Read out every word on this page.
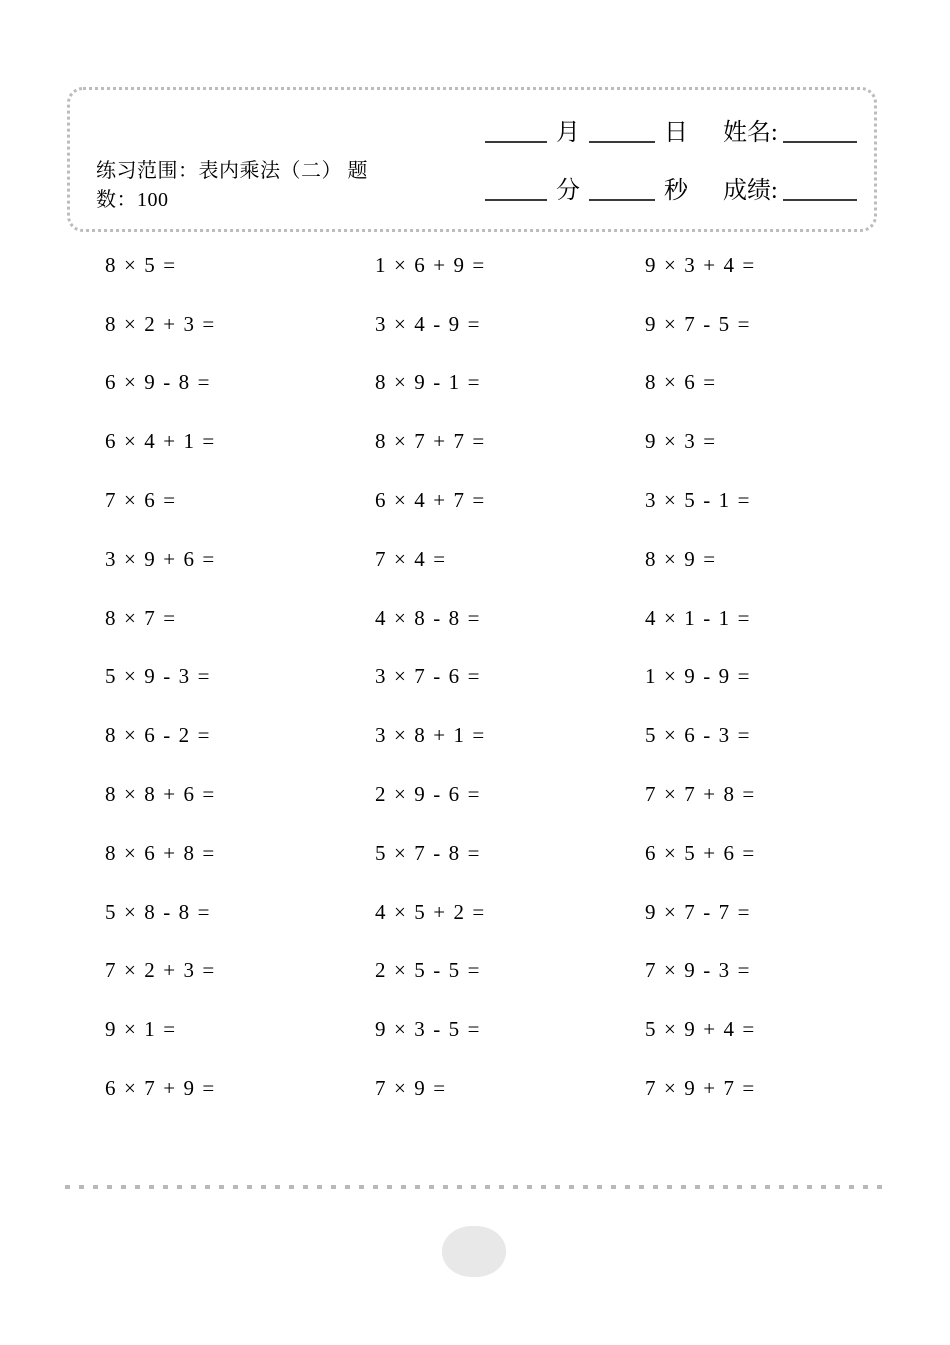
练习范围：表内乘法（二） 题
数：100
月	日 姓名:
分	秒 成绩:
8 × 5 =	1 × 6 + 9 =	9 × 3 + 4 =
8 × 2 + 3 =	3 × 4 - 9 =	9 × 7 - 5 =
6 × 9 - 8 =	8 × 9 - 1 =	8 × 6 =
6 × 4 + 1 =	8 × 7 + 7 =	9 × 3 =
7 × 6 =	6 × 4 + 7 =	3 × 5 - 1 =
3 × 9 + 6 =	7 × 4 =	8 × 9 =
8 × 7 =	4 × 8 - 8 =	4 × 1 - 1 =
5 × 9 - 3 =	3 × 7 - 6 =	1 × 9 - 9 =
8 × 6 - 2 =	3 × 8 + 1 =	5 × 6 - 3 =
8 × 8 + 6 =	2 × 9 - 6 =	7 × 7 + 8 =
8 × 6 + 8 =	5 × 7 - 8 =	6 × 5 + 6 =
5 × 8 - 8 =	4 × 5 + 2 =	9 × 7 - 7 =
7 × 2 + 3 =	2 × 5 - 5 =	7 × 9 - 3 =
9 × 1 =	9 × 3 - 5 =	5 × 9 + 4 =
6 × 7 + 9 =	7 × 9 =	7 × 9 + 7 =
